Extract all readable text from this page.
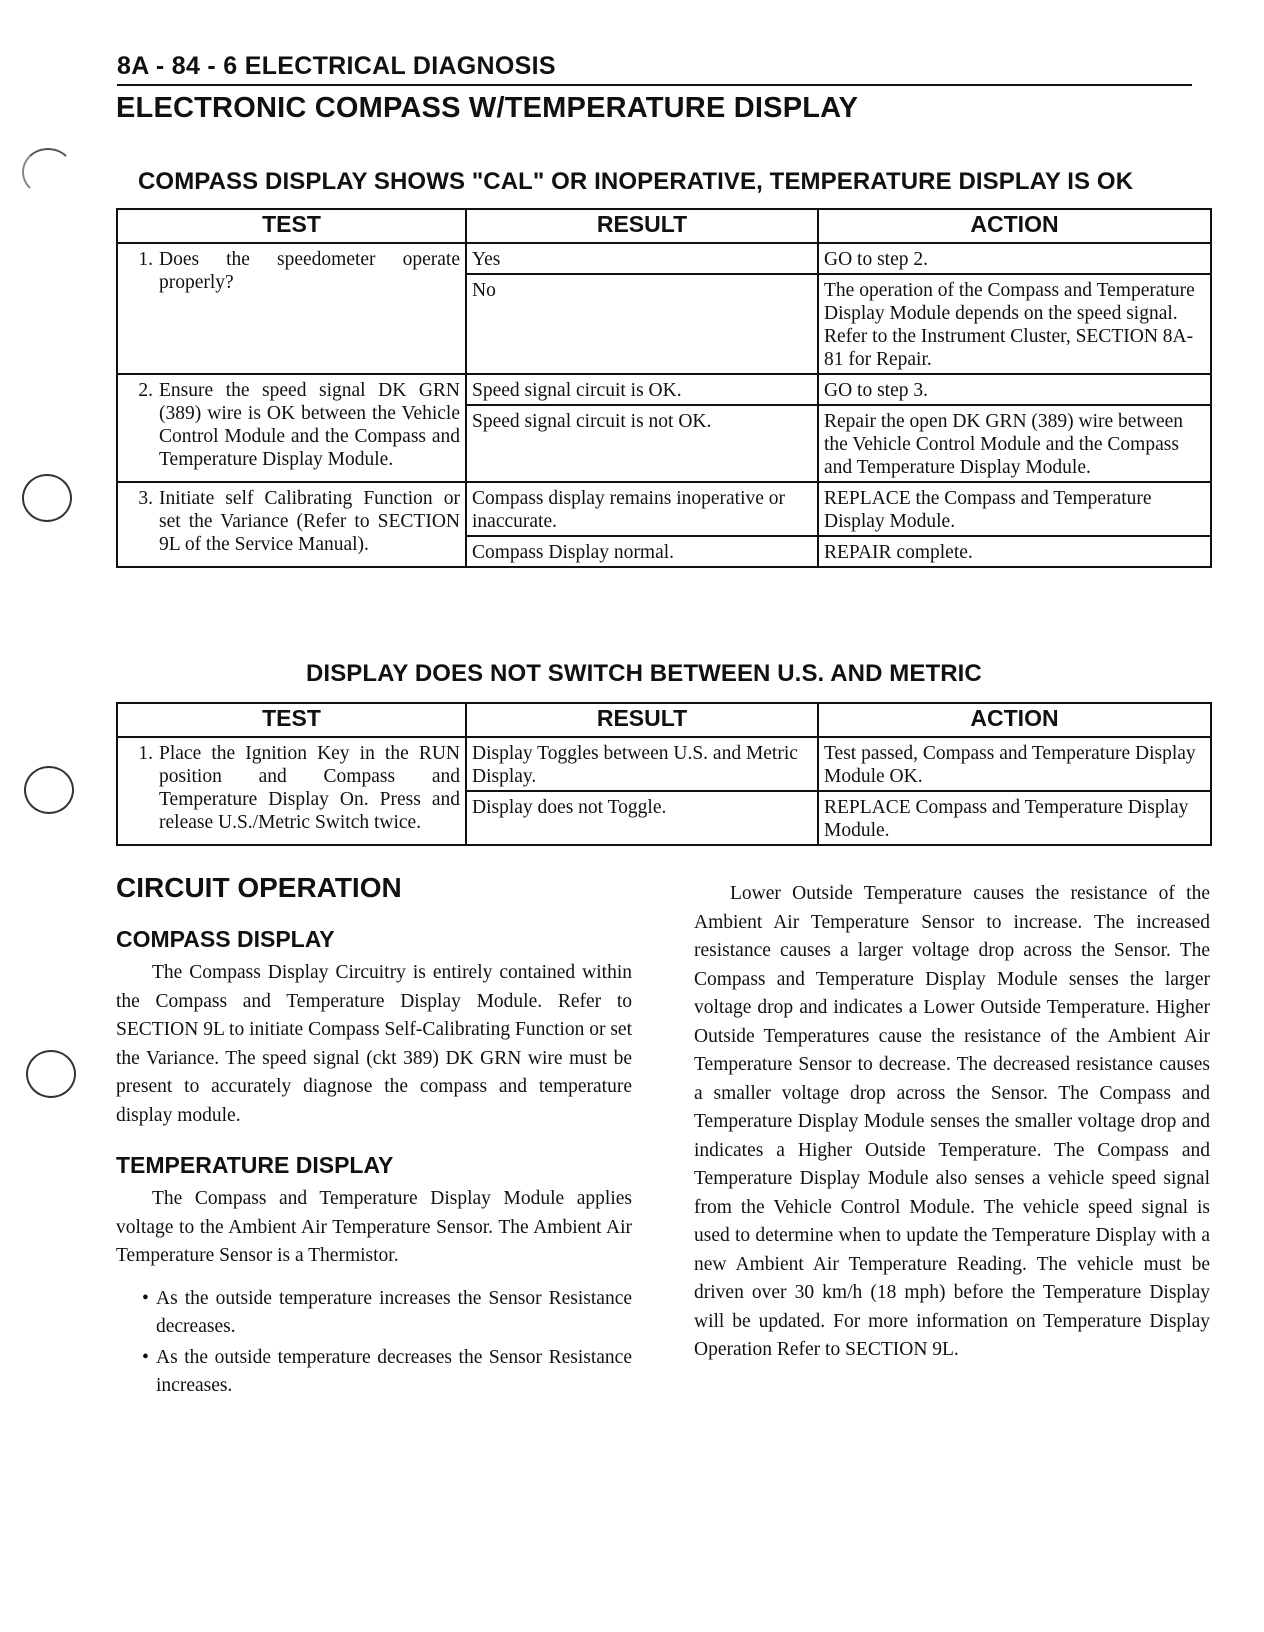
8A - 84 - 6 ELECTRICAL DIAGNOSIS
ELECTRONIC COMPASS W/TEMPERATURE DISPLAY
COMPASS DISPLAY SHOWS "CAL" OR INOPERATIVE, TEMPERATURE DISPLAY IS OK
TEST	RESULT	ACTION

1. Does the speedometer operate properly?	Yes	GO to step 2.
	No	The operation of the Compass and Temperature Display Module depends on the speed signal. Refer to the Instrument Cluster, SECTION 8A-81 for Repair.

2. Ensure the speed signal DK GRN (389) wire is OK between the Vehicle Control Module and the Compass and Temperature Display Module.	Speed signal circuit is OK.	GO to step 3.
	Speed signal circuit is not OK.	Repair the open DK GRN (389) wire between the Vehicle Control Module and the Compass and Temperature Display Module.

3. Initiate self Calibrating Function or set the Variance (Refer to SECTION 9L of the Service Manual).	Compass display remains inoperative or inaccurate.	REPLACE the Compass and Temperature Display Module.
	Compass Display normal.	REPAIR complete.
DISPLAY DOES NOT SWITCH BETWEEN U.S. AND METRIC
TEST	RESULT	ACTION

1. Place the Ignition Key in the RUN position and Compass and Temperature Display On. Press and release U.S./Metric Switch twice.	Display Toggles between U.S. and Metric Display.	Test passed, Compass and Temperature Display Module OK.
	Display does not Toggle.	REPLACE Compass and Temperature Display Module.
CIRCUIT OPERATION
COMPASS DISPLAY

The Compass Display Circuitry is entirely contained within the Compass and Temperature Display Module. Refer to SECTION 9L to initiate Compass Self-Calibrating Function or set the Variance. The speed signal (ckt 389) DK GRN wire must be present to accurately diagnose the compass and temperature display module.

TEMPERATURE DISPLAY

The Compass and Temperature Display Module applies voltage to the Ambient Air Temperature Sensor. The Ambient Air Temperature Sensor is a Thermistor.

• As the outside temperature increases the Sensor Resistance decreases.
• As the outside temperature decreases the Sensor Resistance increases.

Lower Outside Temperature causes the resistance of the Ambient Air Temperature Sensor to increase. The increased resistance causes a larger voltage drop across the Sensor. The Compass and Temperature Display Module senses the larger voltage drop and indicates a Lower Outside Temperature. Higher Outside Temperatures cause the resistance of the Ambient Air Temperature Sensor to decrease. The decreased resistance causes a smaller voltage drop across the Sensor. The Compass and Temperature Display Module senses the smaller voltage drop and indicates a Higher Outside Temperature. The Compass and Temperature Display Module also senses a vehicle speed signal from the Vehicle Control Module. The vehicle speed signal is used to determine when to update the Temperature Display with a new Ambient Air Temperature Reading. The vehicle must be driven over 30 km/h (18 mph) before the Temperature Display will be updated. For more information on Temperature Display Operation Refer to SECTION 9L.
